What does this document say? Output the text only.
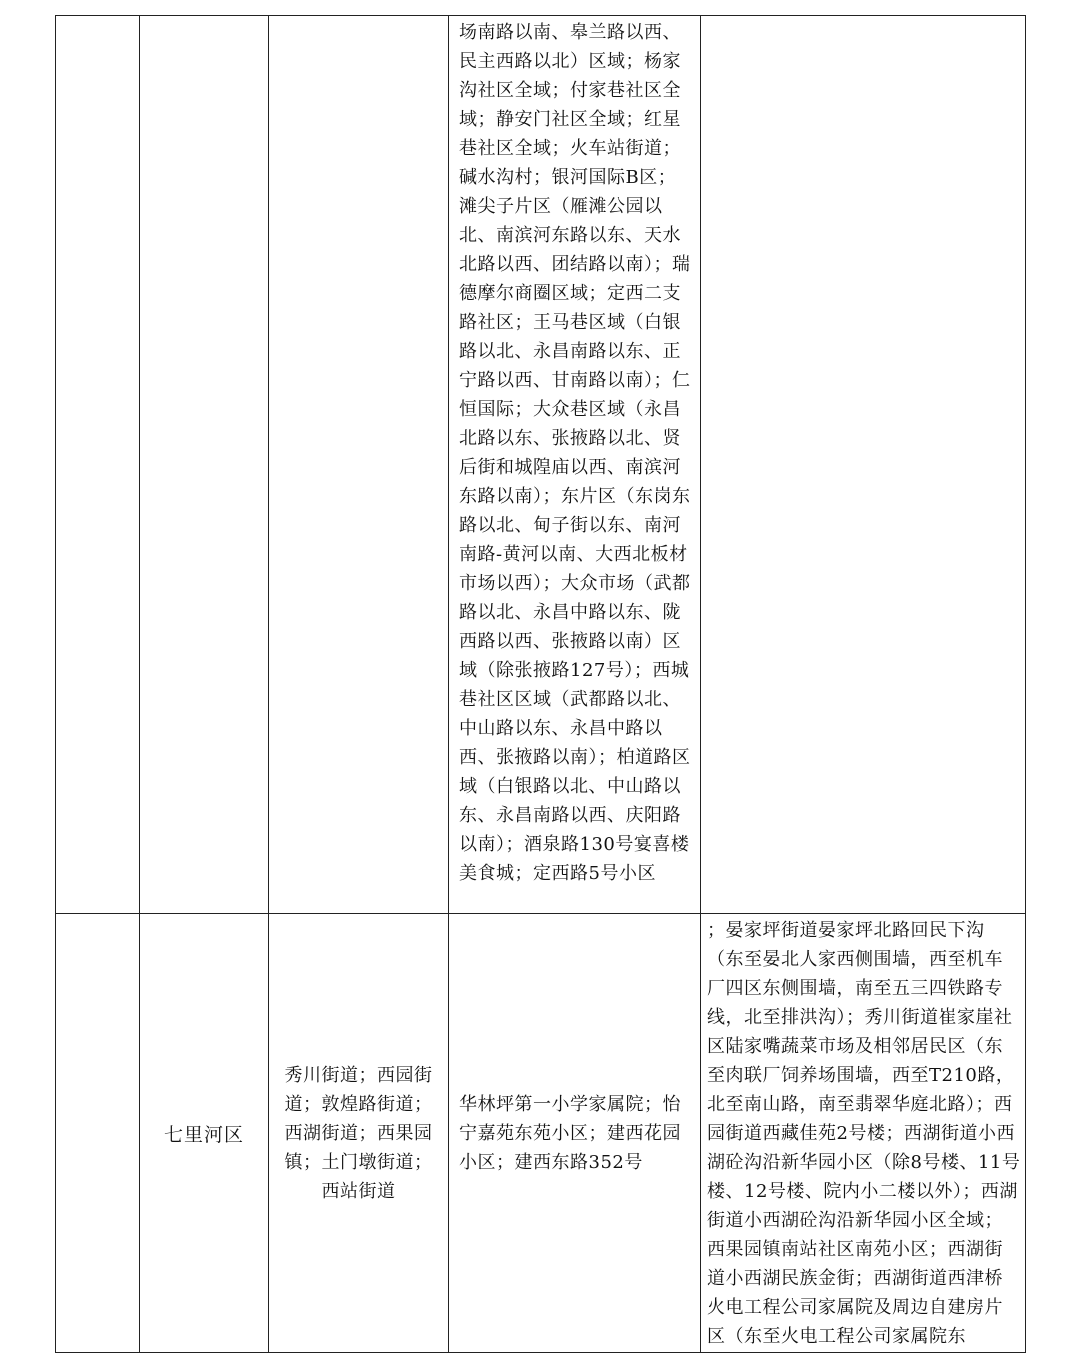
			场南路以南、皋兰路以西、民主西路以北）区域；杨家沟社区全域；付家巷社区全域；静安门社区全域；红星巷社区全域；火车站街道；碱水沟村；银河国际B区；滩尖子片区（雁滩公园以北、南滨河东路以东、天水北路以西、团结路以南）；瑞德摩尔商圈区域；定西二支路社区；王马巷区域（白银路以北、永昌南路以东、正宁路以西、甘南路以南）；仁恒国际；大众巷区域（永昌北路以东、张掖路以北、贤后街和城隍庙以西、南滨河东路以南）；东片区（东岗东路以北、甸子街以东、南河南路-黄河以南、大西北板材市场以西）；大众市场（武都路以北、永昌中路以东、陇西路以西、张掖路以南）区域（除张掖路127号）；西城巷社区区域（武都路以北、中山路以东、永昌中路以西、张掖路以南）；柏道路区域（白银路以北、中山路以东、永昌南路以西、庆阳路以南）；酒泉路130号宴喜楼美食城；定西路5号小区	

	七里河区	秀川街道；西园街道；敦煌路街道；西湖街道；西果园镇；土门墩街道；西站街道	华林坪第一小学家属院；怡宁嘉苑东苑小区；建西花园小区；建西东路352号	；晏家坪街道晏家坪北路回民下沟（东至晏北人家西侧围墙，西至机车厂四区东侧围墙，南至五三四铁路专线，北至排洪沟）；秀川街道崔家崖社区陆家嘴蔬菜市场及相邻居民区（东至肉联厂饲养场围墙，西至T210路，北至南山路，南至翡翠华庭北路）；西园街道西藏佳苑2号楼；西湖街道小西湖砼沟沿新华园小区（除8号楼、11号楼、12号楼、院内小二楼以外）；西湖街道小西湖砼沟沿新华园小区全域；西果园镇南站社区南苑小区；西湖街道小西湖民族金街；西湖街道西津桥火电工程公司家属院及周边自建房片区（东至火电工程公司家属院东
